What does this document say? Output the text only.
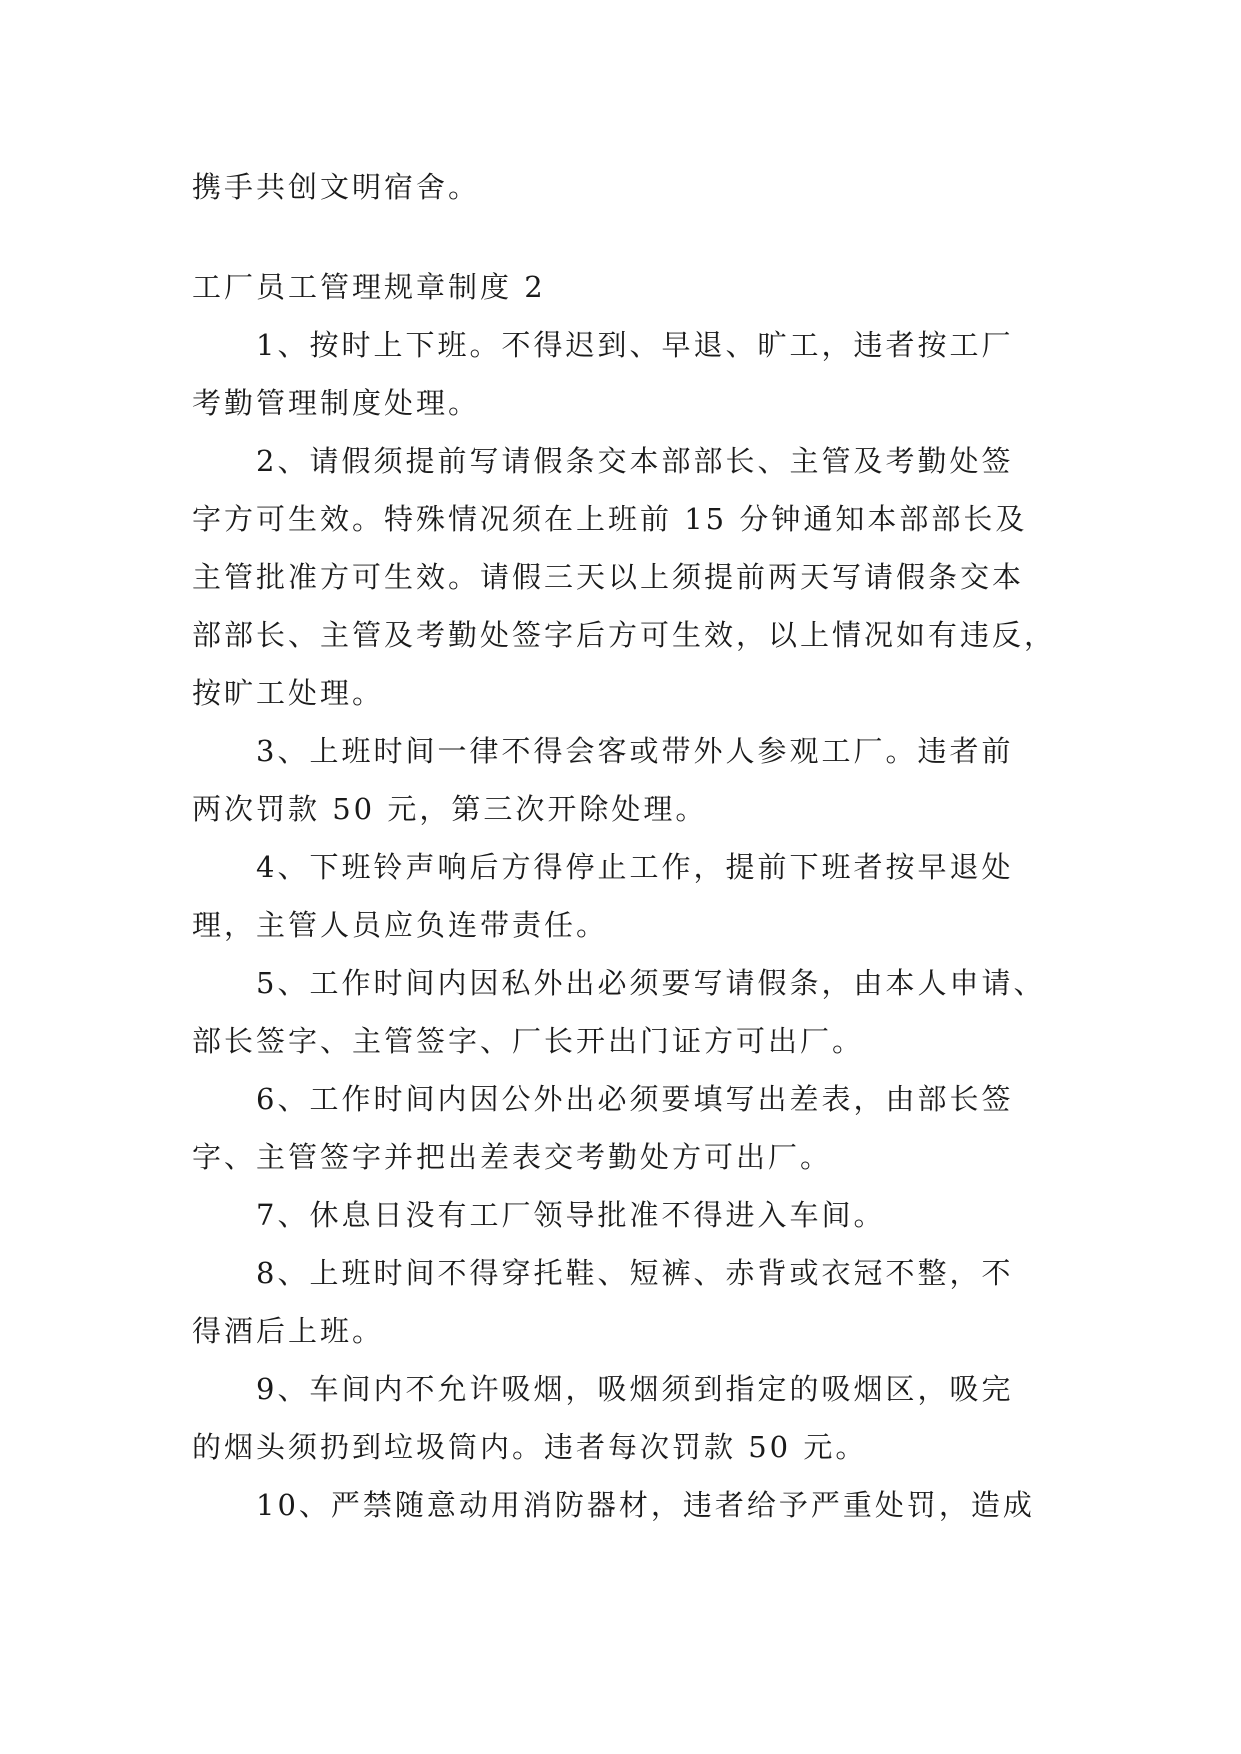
携手共创文明宿舍。

工厂员工管理规章制度 2

1、按时上下班。不得迟到、早退、旷工，违者按工厂

考勤管理制度处理。

2、请假须提前写请假条交本部部长、主管及考勤处签

字方可生效。特殊情况须在上班前 15 分钟通知本部部长及

主管批准方可生效。请假三天以上须提前两天写请假条交本

部部长、主管及考勤处签字后方可生效，以上情况如有违反，

按旷工处理。

3、上班时间一律不得会客或带外人参观工厂。违者前

两次罚款 50 元，第三次开除处理。

4、下班铃声响后方得停止工作，提前下班者按早退处

理，主管人员应负连带责任。

5、工作时间内因私外出必须要写请假条，由本人申请、

部长签字、主管签字、厂长开出门证方可出厂。

6、工作时间内因公外出必须要填写出差表，由部长签

字、主管签字并把出差表交考勤处方可出厂。

7、休息日没有工厂领导批准不得进入车间。

8、上班时间不得穿托鞋、短裤、赤背或衣冠不整，不

得酒后上班。

9、车间内不允许吸烟，吸烟须到指定的吸烟区，吸完

的烟头须扔到垃圾筒内。违者每次罚款 50 元。

10、严禁随意动用消防器材，违者给予严重处罚，造成
